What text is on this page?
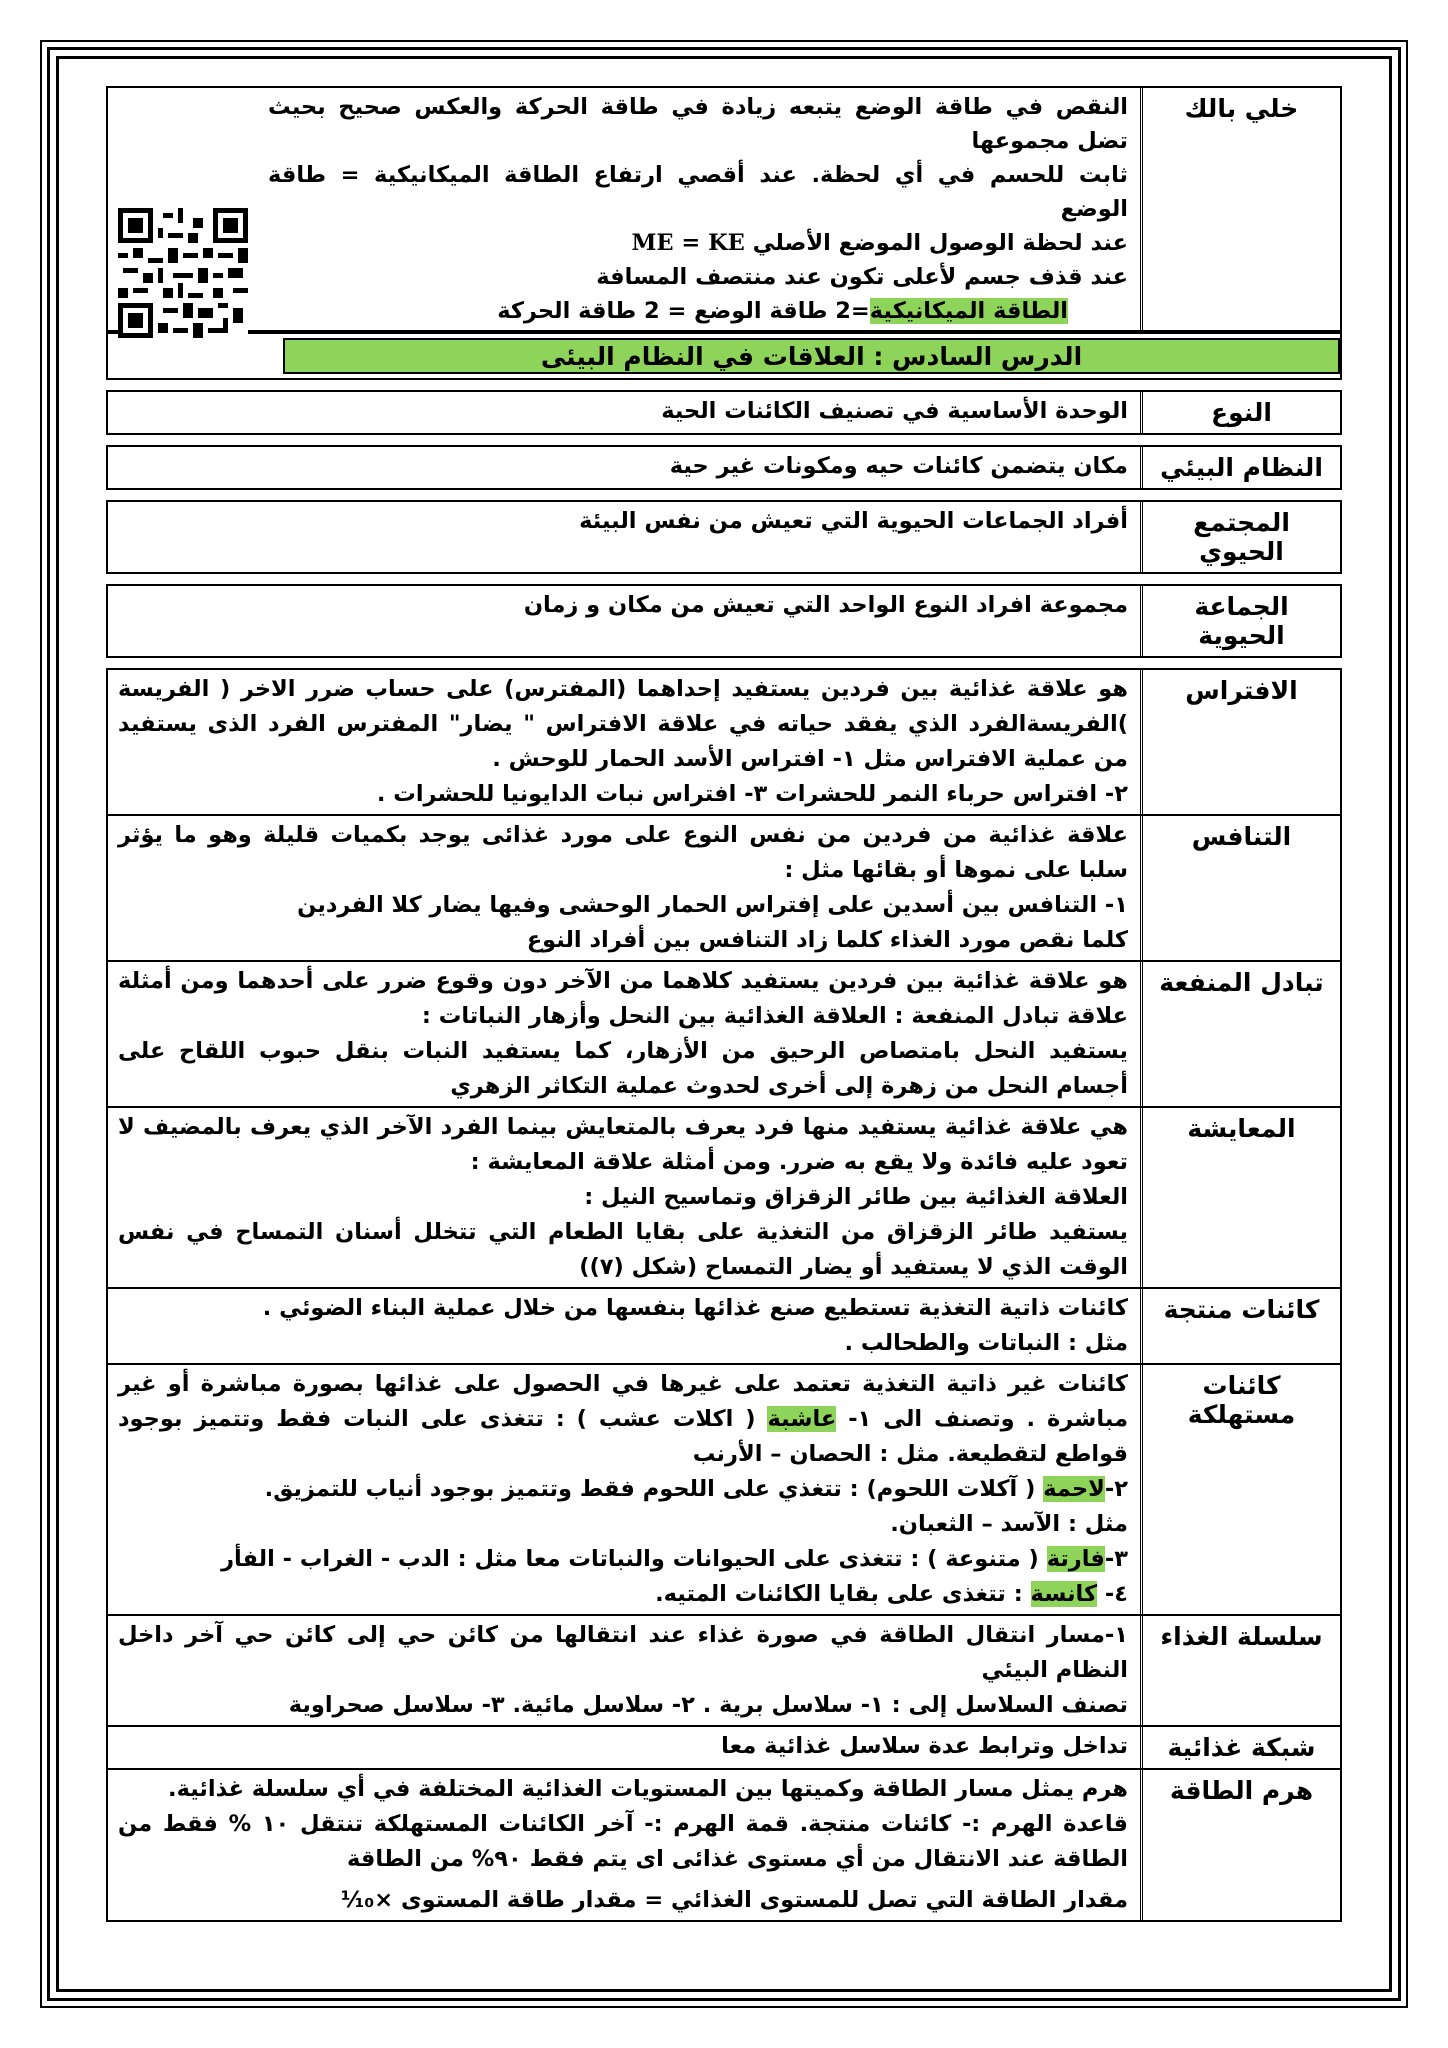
خلي بالك

النقص في طاقة الوضع يتبعه زيادة في طاقة الحركة والعكس صحيح بحيث تضل مجموعها

ثابت للحسم في أي لحظة. عند أقصي ارتفاع الطاقة الميكانيكية = طاقة الوضع

عند لحظة الوصول الموضع الأصلي ME = KE

عند قذف جسم لأعلى تكون عند منتصف المسافة

الطاقة الميكانيكية=2 طاقة الوضع = 2 طاقة الحركة

الدرس السادس : العلاقات في النظام البيئى
النوع
الوحدة الأساسية في تصنيف الكائنات الحية
النظام البيئي
مكان يتضمن كائنات حيه ومكونات غير حية
المجتمع الحيوي
أفراد الجماعات الحيوية التي تعيش من نفس البيئة
الجماعة الحيوية
مجموعة افراد النوع الواحد التي تعيش من مكان و زمان
الافتراس

هو علاقة غذائية بين فردين يستفيد إحداهما (المفترس) على حساب ضرر الاخر ( الفريسة )الفريسةالفرد الذي يفقد حياته في علاقة الافتراس " يضار" المفترس الفرد الذى يستفيد من عملية الافتراس مثل ١- افتراس الأسد الحمار للوحش .

٢- افتراس حرباء النمر للحشرات ٣- افتراس نبات الدايونيا للحشرات .

التنافس

علاقة غذائية من فردين من نفس النوع على مورد غذائى يوجد بكميات قليلة وهو ما يؤثر سلبا على نموها أو بقائها مثل :

١- التنافس بين أسدين على إفتراس الحمار الوحشى وفيها يضار كلا الفردين

كلما نقص مورد الغذاء كلما زاد التنافس بين أفراد النوع

تبادل المنفعة

هو علاقة غذائية بين فردين يستفيد كلاهما من الآخر دون وقوع ضرر على أحدهما ومن أمثلة علاقة تبادل المنفعة : العلاقة الغذائية بين النحل وأزهار النباتات :

يستفيد النحل بامتصاص الرحيق من الأزهار، كما يستفيد النبات بنقل حبوب اللقاح على أجسام النحل من زهرة إلى أخرى لحدوث عملية التكاثر الزهري

المعايشة

هي علاقة غذائية يستفيد منها فرد يعرف بالمتعايش بينما الفرد الآخر الذي يعرف بالمضيف لا تعود عليه فائدة ولا يقع به ضرر. ومن أمثلة علاقة المعايشة :

العلاقة الغذائية بين طائر الزقزاق وتماسيح النيل :

يستفيد طائر الزقزاق من التغذية على بقايا الطعام التي تتخلل أسنان التمساح في نفس الوقت الذي لا يستفيد أو يضار التمساح (شكل (٧))

كائنات منتجة

كائنات ذاتية التغذية تستطيع صنع غذائها بنفسها من خلال عملية البناء الضوئي .

مثل : النباتات والطحالب .

كائنات مستهلكة

كائنات غير ذاتية التغذية تعتمد على غيرها في الحصول على غذائها بصورة مباشرة أو غير مباشرة . وتصنف الى ١- عاشبة ( اكلات عشب ) : تتغذى على النبات فقط وتتميز بوجود قواطع لتقطيعة. مثل : الحصان – الأرنب

٢-لاحمة ( آكلات اللحوم) : تتغذي على اللحوم فقط وتتميز بوجود أنياب للتمزيق.

مثل : الآسد – الثعبان.

٣-فارتة ( متنوعة ) : تتغذى على الحيوانات والنباتات معا مثل : الدب - الغراب - الفأر

٤- كانسة : تتغذى على بقايا الكائنات المتيه.

سلسلة الغذاء

١-مسار انتقال الطاقة في صورة غذاء عند انتقالها من كائن حي إلى كائن حي آخر داخل النظام البيئي

تصنف السلاسل إلى : ١- سلاسل برية . ٢- سلاسل مائية. ٣- سلاسل صحراوية

شبكة غذائية
تداخل وترابط عدة سلاسل غذائية معا
هرم الطاقة

هرم يمثل مسار الطاقة وكميتها بين المستويات الغذائية المختلفة في أي سلسلة غذائية.

قاعدة الهرم :- كائنات منتجة. قمة الهرم :- آخر الكائنات المستهلكة تنتقل ١٠ % فقط من الطاقة عند الانتقال من أي مستوى غذائى اى يتم فقط ٩٠% من الطاقة

مقدار الطاقة التي تصل للمستوى الغذائي = مقدار طاقة المستوى ×⅒
